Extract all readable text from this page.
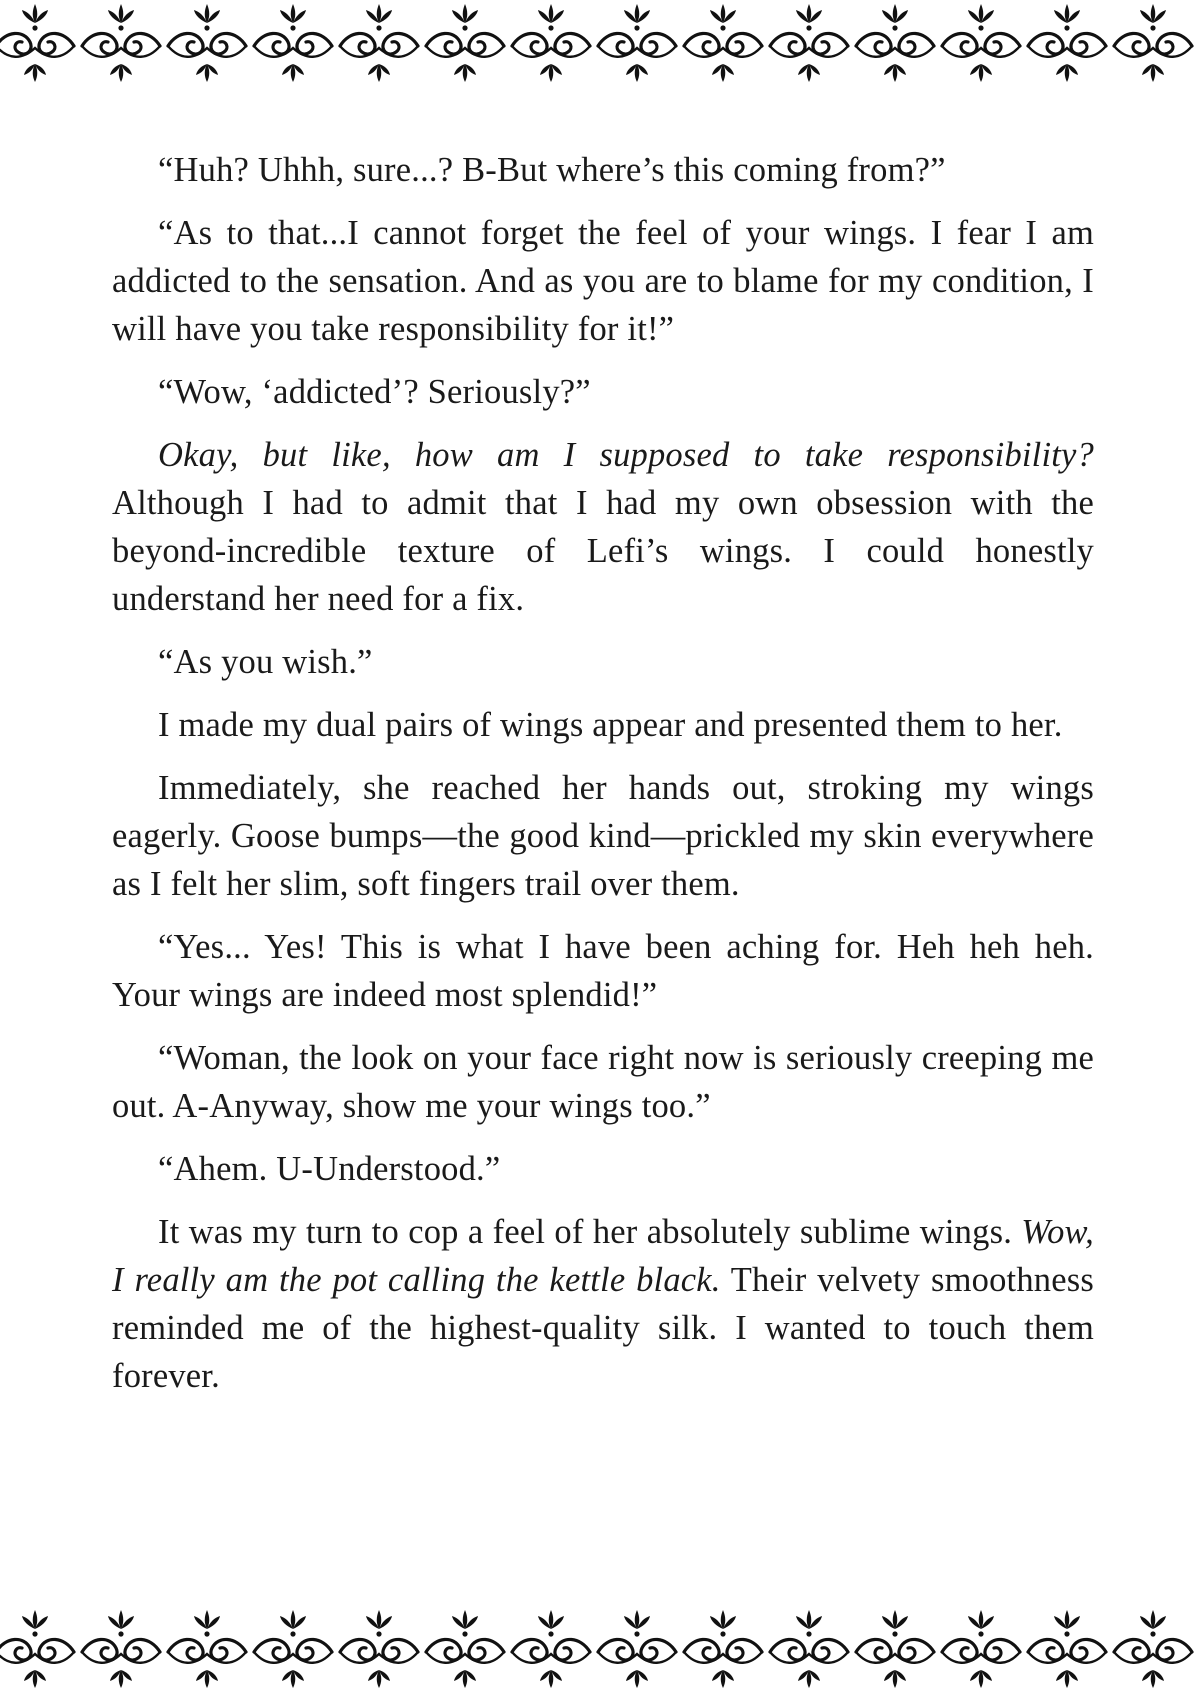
“Huh? Uhhh, sure...? B-But where’s this coming from?”

“As to that...I cannot forget the feel of your wings. I fear I am addicted to the sensation. And as you are to blame for my condition, I will have you take responsibility for it!”

“Wow, ‘addicted’? Seriously?”

Okay, but like, how am I supposed to take responsibility? Although I had to admit that I had my own obsession with the beyond-incredible texture of Lefi’s wings. I could honestly understand her need for a fix.

“As you wish.”

I made my dual pairs of wings appear and presented them to her.

Immediately, she reached her hands out, stroking my wings eagerly. Goose bumps—the good kind—prickled my skin everywhere as I felt her slim, soft fingers trail over them.

“Yes... Yes! This is what I have been aching for. Heh heh heh. Your wings are indeed most splendid!”

“Woman, the look on your face right now is seriously creeping me out. A-Anyway, show me your wings too.”

“Ahem. U-Understood.”

It was my turn to cop a feel of her absolutely sublime wings. Wow, I really am the pot calling the kettle black. Their velvety smoothness reminded me of the highest-quality silk. I wanted to touch them forever.
